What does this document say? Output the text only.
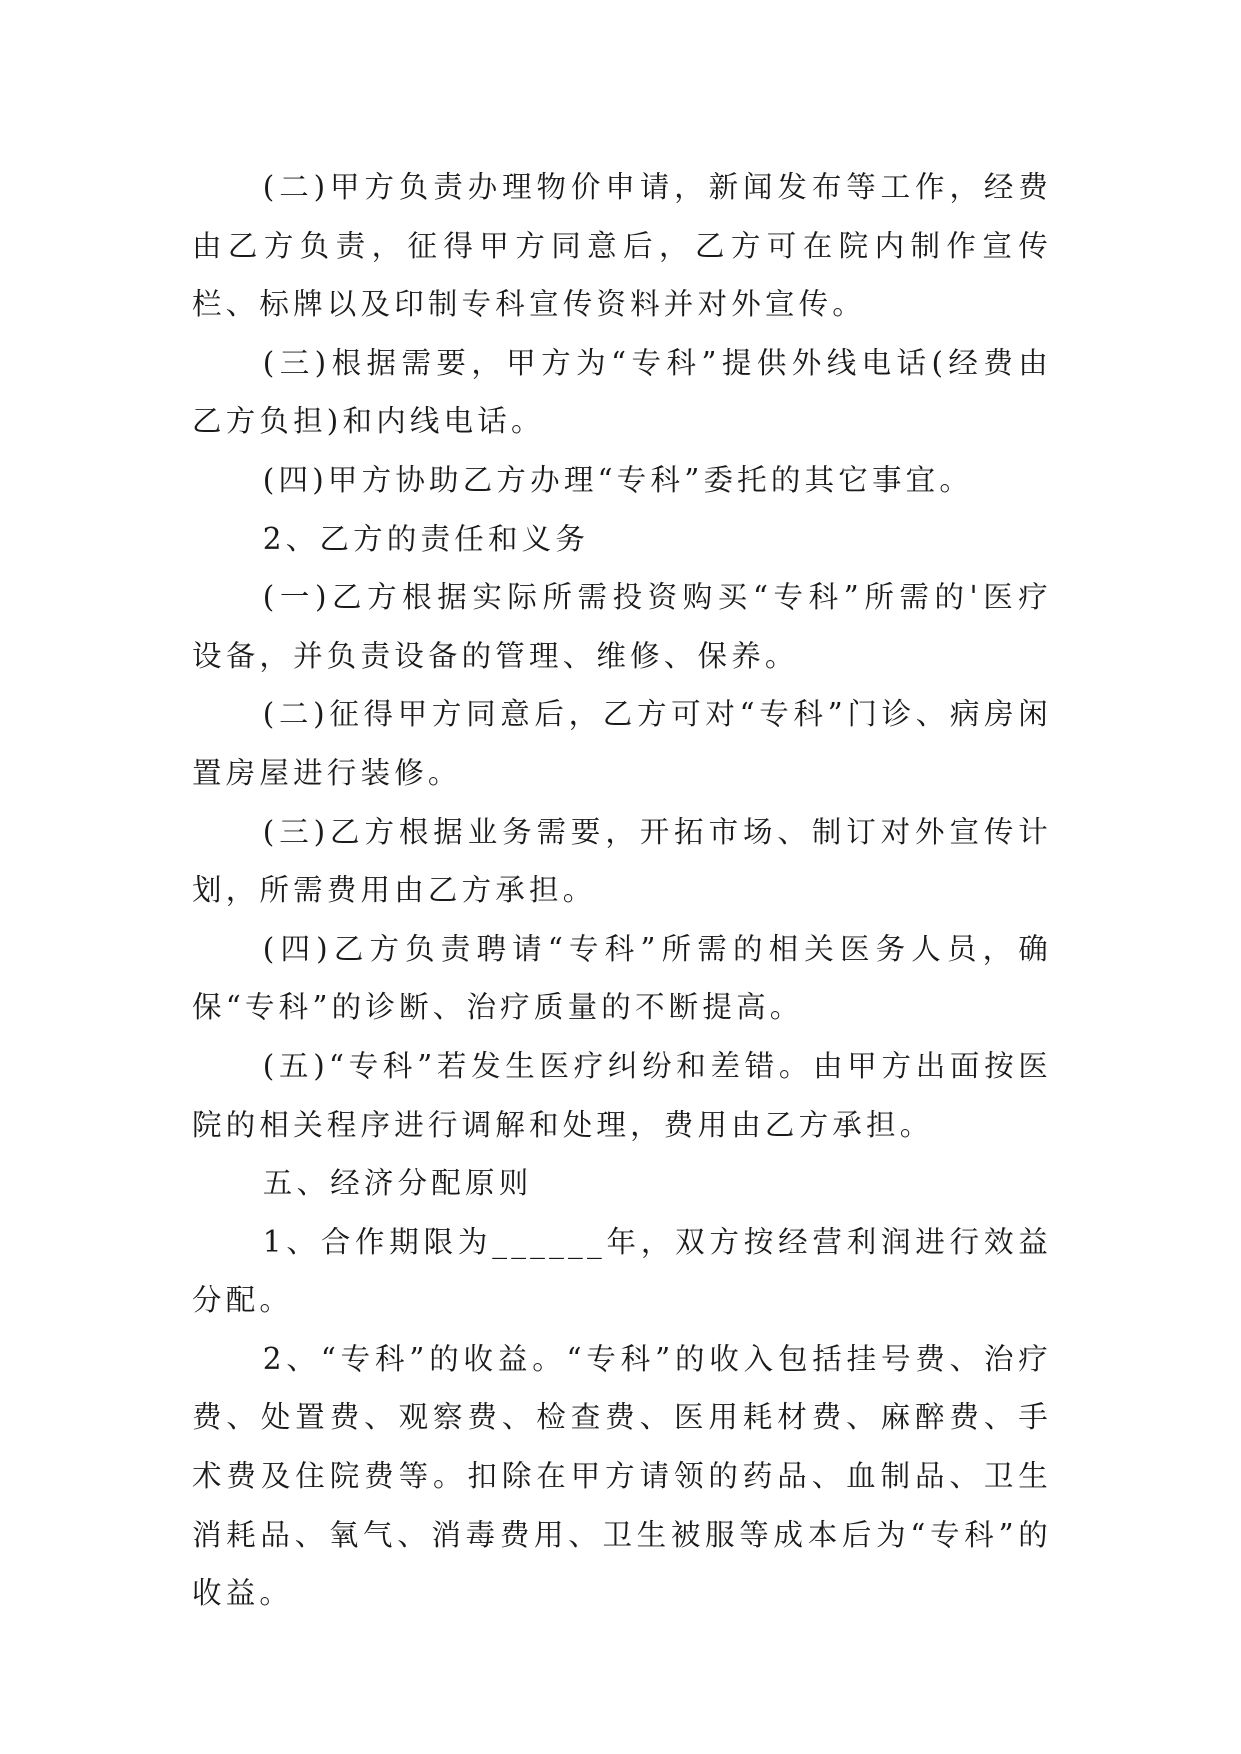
(二)甲方负责办理物价申请，新闻发布等工作，经费由乙方负责，征得甲方同意后，乙方可在院内制作宣传栏、标牌以及印制专科宣传资料并对外宣传。

(三)根据需要，甲方为“专科”提供外线电话(经费由乙方负担)和内线电话。

(四)甲方协助乙方办理“专科”委托的其它事宜。

2、乙方的责任和义务

(一)乙方根据实际所需投资购买“专科”所需的'医疗设备，并负责设备的管理、维修、保养。

(二)征得甲方同意后，乙方可对“专科”门诊、病房闲置房屋进行装修。

(三)乙方根据业务需要，开拓市场、制订对外宣传计划，所需费用由乙方承担。

(四)乙方负责聘请“专科”所需的相关医务人员，确保“专科”的诊断、治疗质量的不断提高。

(五)“专科”若发生医疗纠纷和差错。由甲方出面按医院的相关程序进行调解和处理，费用由乙方承担。

五、经济分配原则

1、合作期限为______年，双方按经营利润进行效益分配。

2、“专科”的收益。“专科”的收入包括挂号费、治疗费、处置费、观察费、检查费、医用耗材费、麻醉费、手术费及住院费等。扣除在甲方请领的药品、血制品、卫生消耗品、氧气、消毒费用、卫生被服等成本后为“专科”的收益。
